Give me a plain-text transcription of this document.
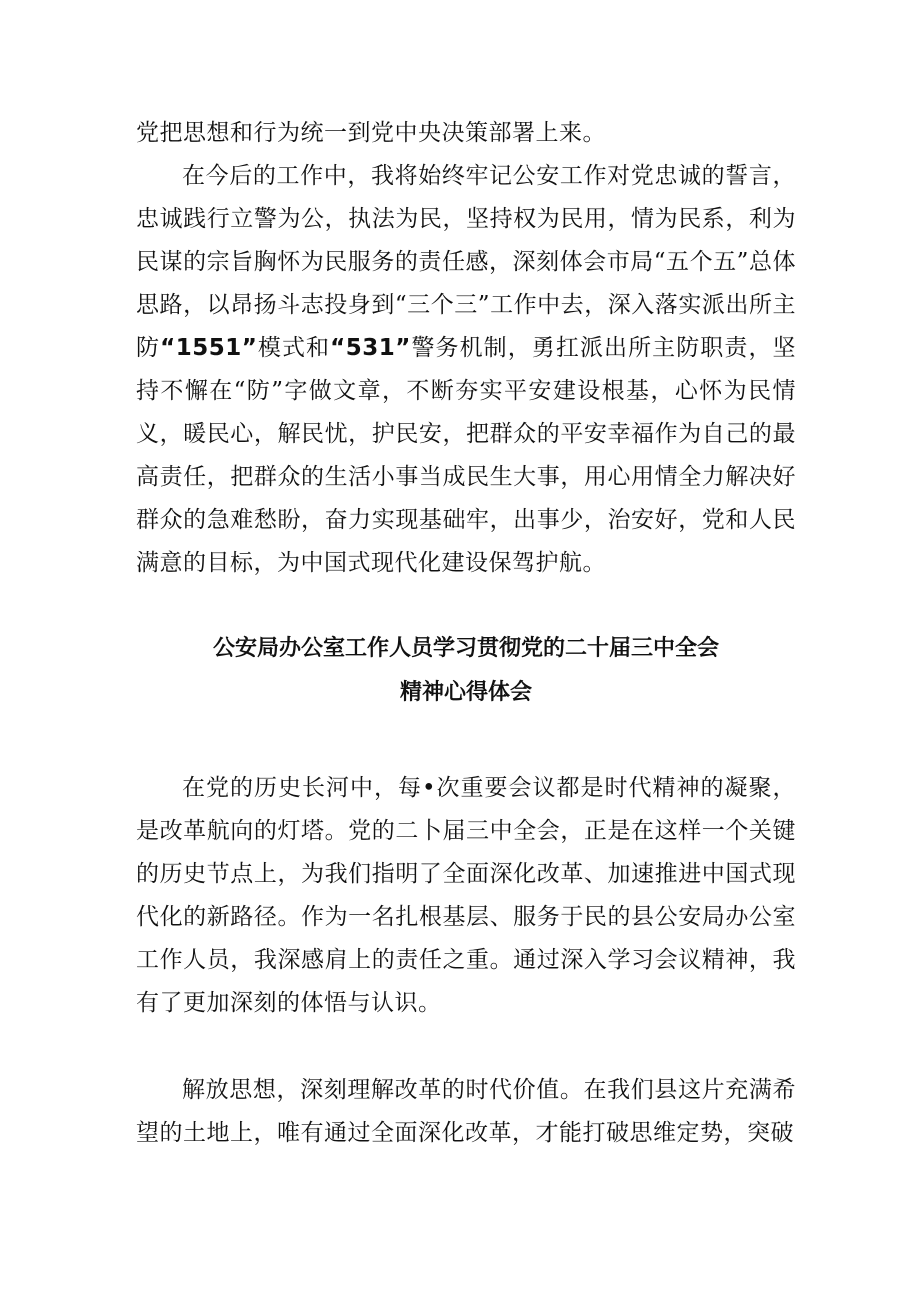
党把思想和行为统一到党中央决策部署上来。

在今后的工作中，我将始终牢记公安工作对党忠诚的誓言，忠诚践行立警为公，执法为民，坚持权为民用，情为民系，利为民谋的宗旨胸怀为民服务的责任感，深刻体会市局“五个五”总体思路，以昂扬斗志投身到“三个三”工作中去，深入落实派出所主防“1551”模式和“531”警务机制，勇扛派出所主防职责，坚持不懈在“防”字做文章，不断夯实平安建设根基，心怀为民情义，暖民心，解民忧，护民安，把群众的平安幸福作为自己的最高责任，把群众的生活小事当成民生大事，用心用情全力解决好群众的急难愁盼，奋力实现基础牢，出事少，治安好，党和人民满意的目标，为中国式现代化建设保驾护航。

公安局办公室工作人员学习贯彻党的二十届三中全会

精神心得体会

在党的历史长河中，每•次重要会议都是时代精神的凝聚，是改革航向的灯塔。党的二卜届三中全会，正是在这样一个关键的历史节点上，为我们指明了全面深化改革、加速推进中国式现代化的新路径。作为一名扎根基层、服务于民的县公安局办公室工作人员，我深感肩上的责任之重。通过深入学习会议精神，我有了更加深刻的体悟与认识。

解放思想，深刻理解改革的时代价值。在我们县这片充满希望的土地上，唯有通过全面深化改革，才能打破思维定势，突破
